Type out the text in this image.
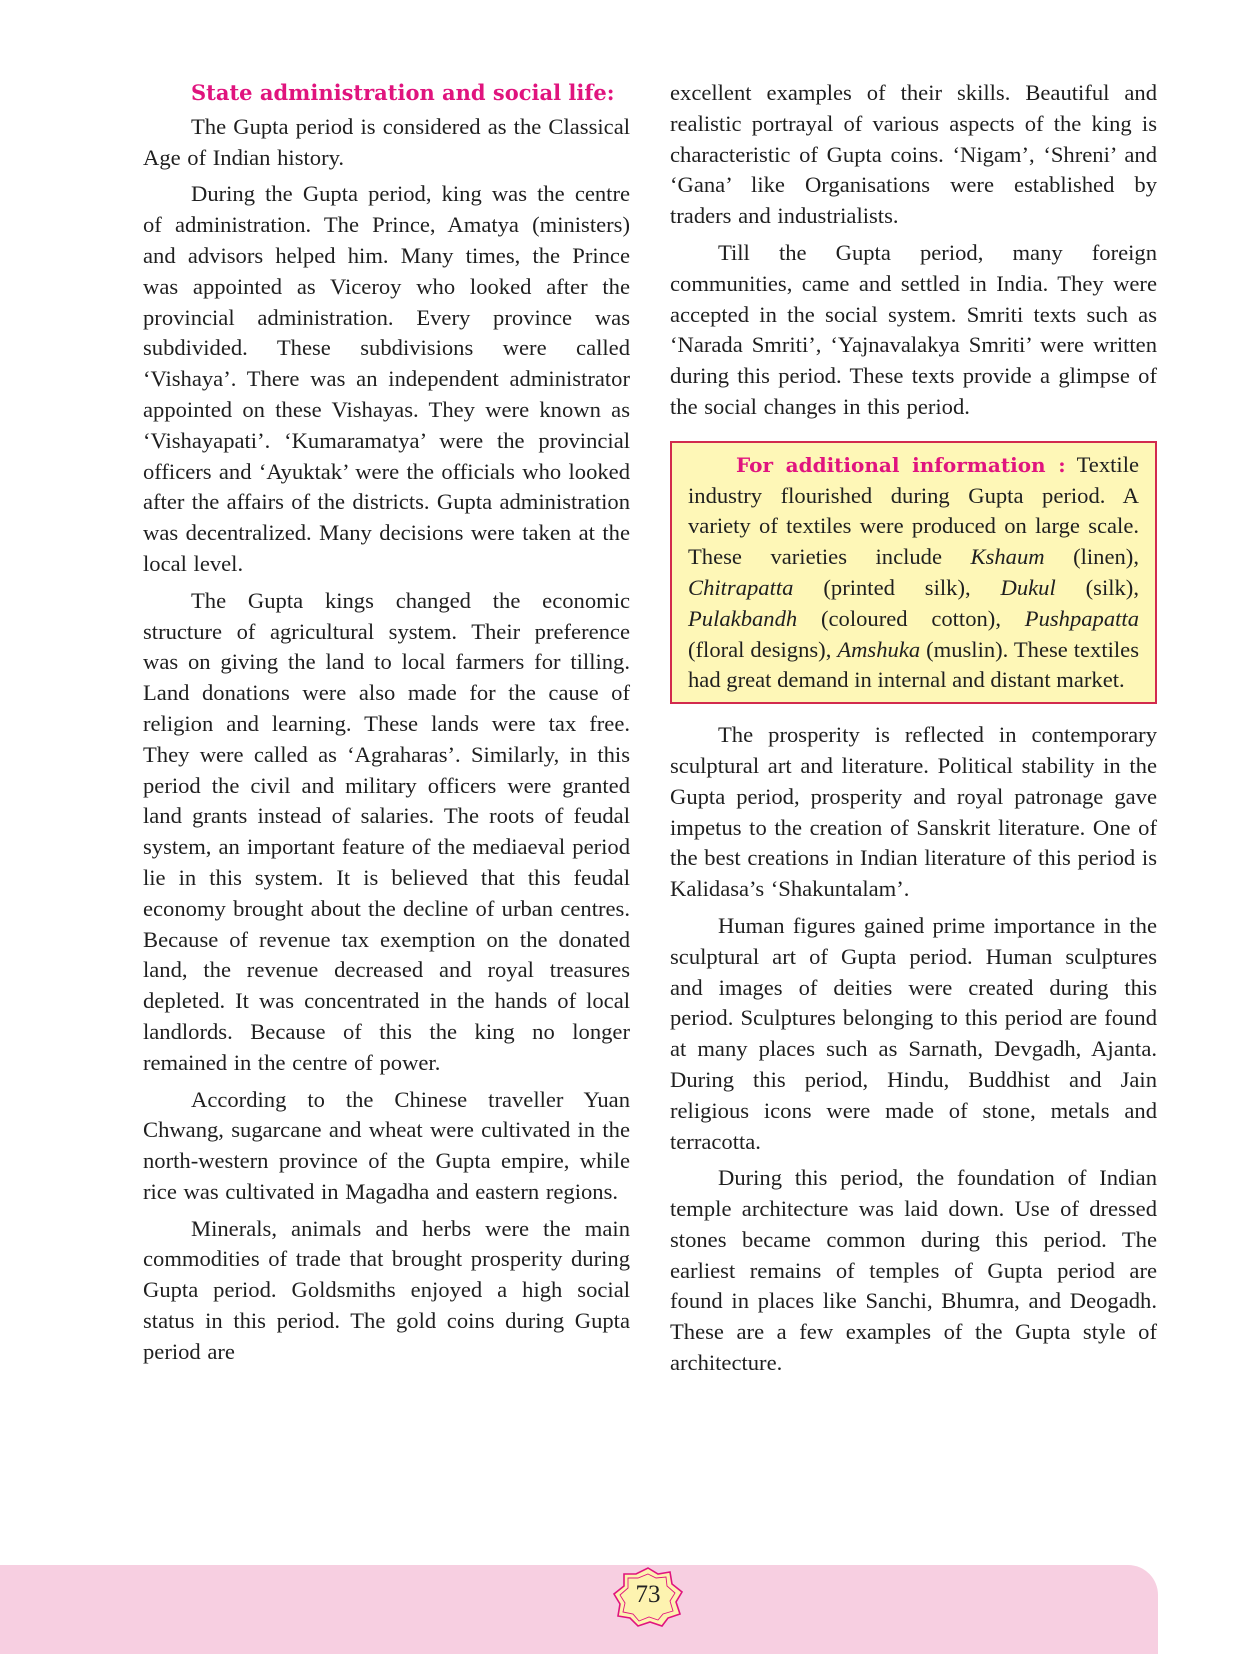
State administration and social life:

The Gupta period is considered as the Classical Age of Indian history.

During the Gupta period, king was the centre of administration. The Prince, Amatya (ministers) and advisors helped him. Many times, the Prince was appointed as Viceroy who looked after the provincial administration. Every province was subdivided. These subdivisions were called ‘Vishaya’. There was an independent administrator appointed on these Vishayas. They were known as ‘Vishayapati’. ‘Kumaramatya’ were the provincial officers and ‘Ayuktak’ were the officials who looked after the affairs of the districts. Gupta administration was decentralized. Many decisions were taken at the local level.

The Gupta kings changed the economic structure of agricultural system. Their preference was on giving the land to local farmers for tilling. Land donations were also made for the cause of religion and learning. These lands were tax free. They were called as ‘Agraharas’. Similarly, in this period the civil and military officers were granted land grants instead of salaries. The roots of feudal system, an important feature of the mediaeval period lie in this system. It is believed that this feudal economy brought about the decline of urban centres. Because of revenue tax exemption on the donated land, the revenue decreased and royal treasures depleted. It was concentrated in the hands of local landlords. Because of this the king no longer remained in the centre of power.

According to the Chinese traveller Yuan Chwang, sugarcane and wheat were cultivated in the north-western province of the Gupta empire, while rice was cultivated in Magadha and eastern regions.

Minerals, animals and herbs were the main commodities of trade that brought prosperity during Gupta period. Goldsmiths enjoyed a high social status in this period. The gold coins during Gupta period are

excellent examples of their skills. Beautiful and realistic portrayal of various aspects of the king is characteristic of Gupta coins. ‘Nigam’, ‘Shreni’ and ‘Gana’ like Organisations were established by traders and industrialists.

Till the Gupta period, many foreign communities, came and settled in India. They were accepted in the social system. Smriti texts such as ‘Narada Smriti’, ‘Yajnavalakya Smriti’ were written during this period. These texts provide a glimpse of the social changes in this period.

For additional information : Textile industry flourished during Gupta period. A variety of textiles were produced on large scale. These varieties include Kshaum (linen), Chitrapatta (printed silk), Dukul (silk), Pulakbandh (coloured cotton), Pushpapatta (floral designs), Amshuka (muslin). These textiles had great demand in internal and distant market.

The prosperity is reflected in contemporary sculptural art and literature. Political stability in the Gupta period, prosperity and royal patronage gave impetus to the creation of Sanskrit literature. One of the best creations in Indian literature of this period is Kalidasa’s ‘Shakuntalam’.

Human figures gained prime importance in the sculptural art of Gupta period. Human sculptures and images of deities were created during this period. Sculptures belonging to this period are found at many places such as Sarnath, Devgadh, Ajanta. During this period, Hindu, Buddhist and Jain religious icons were made of stone, metals and terracotta.

During this period, the foundation of Indian temple architecture was laid down. Use of dressed stones became common during this period. The earliest remains of temples of Gupta period are found in places like Sanchi, Bhumra, and Deogadh. These are a few examples of the Gupta style of architecture.

73
